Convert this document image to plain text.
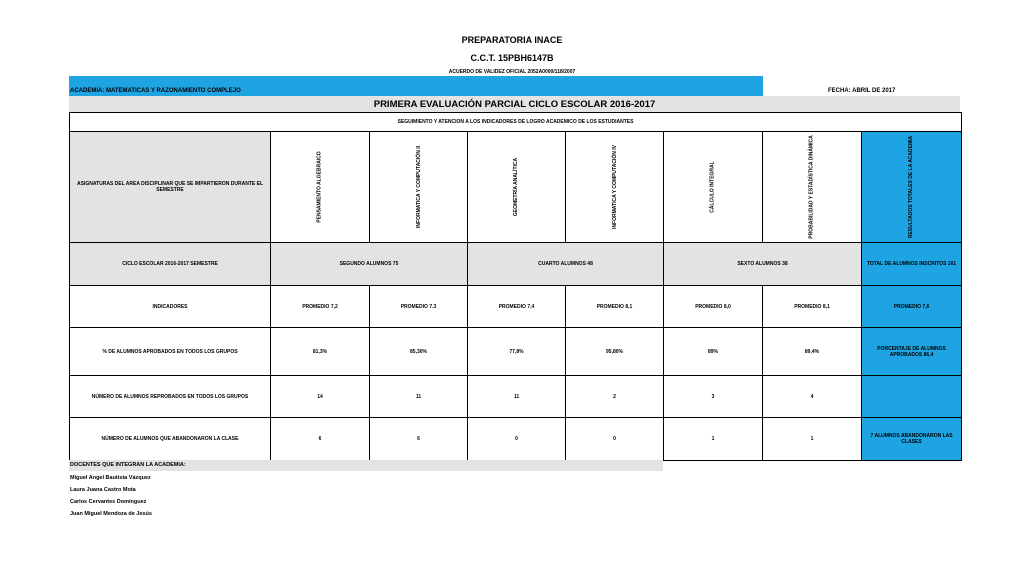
PREPARATORIA INACE
C.C.T. 15PBH6147B
ACUERDO DE VALIDEZ OFICIAL 2052A0000/118/2007
ACADEMIA: MATEMATICAS Y RAZONAMIENTO COMPLEJO	FECHA: ABRIL DE 2017
PRIMERA EVALUACIÓN PARCIAL CICLO ESCOLAR 2016-2017
SEGUIMIENTO Y ATENCION A LOS INDICADORES DE LOGRO ACADEMICO DE LOS ESTUDIANTES							
ASIGNATURAS DEL AREA DISCIPLINAR QUE SE IMPARTIERON DURANTE EL SEMESTRE	PENSAMIENTO ALGEBRAICO	INFORMATICA Y COMPUTACIÓN II	GEOMETRÍA ANALÍTICA	INFORMATICA Y COMPUTACIÓN IV	CÁLCULO INTEGRAL	PROBABILIDAD Y ESTADÍSTICA DINÁMICA	RESULTADOS TOTALES DE LA ACADEMIA

CICLO ESCOLAR 2016-2017 SEMESTRE	SEGUNDO ALUMNOS 75		CUARTO ALUMNOS 48		SEXTO ALUMNOS 38		TOTAL DE ALUMNOS INSCRITOS 161
INDICADORES	PROMEDIO 7,2	PROMEDIO 7.3	PROMEDIO 7,4	PROMEDIO 8,1	PROMEDIO 8,0	PROMEDIO 8,1	PROMEDIO 7,6
% DE ALUMNOS APROBADOS EN TODOS LOS GRUPOS	81,3%	85,30%	77,8%	95,80%	89%	89,4%	PORCENTAJE DE ALUMNOS APROBADOS 86,4
NÚMERO DE ALUMNOS REPROBADOS EN TODOS LOS GRUPOS	14	11	11	2	3	4	
NÚMERO DE ALUMNOS QUE ABANDONARON LA CLASE	6	6	0	0	1	1	7 ALUMNOS ABANDONARON LAS CLASES
DOCENTES QUE INTEGRAN LA ACADEMIA:
Miguel Angel Bautista Vázquez
Laura Juana Castro Mota
Carlos Cervantes Domínguez
Juan Miguel Mendoza de Jesús
